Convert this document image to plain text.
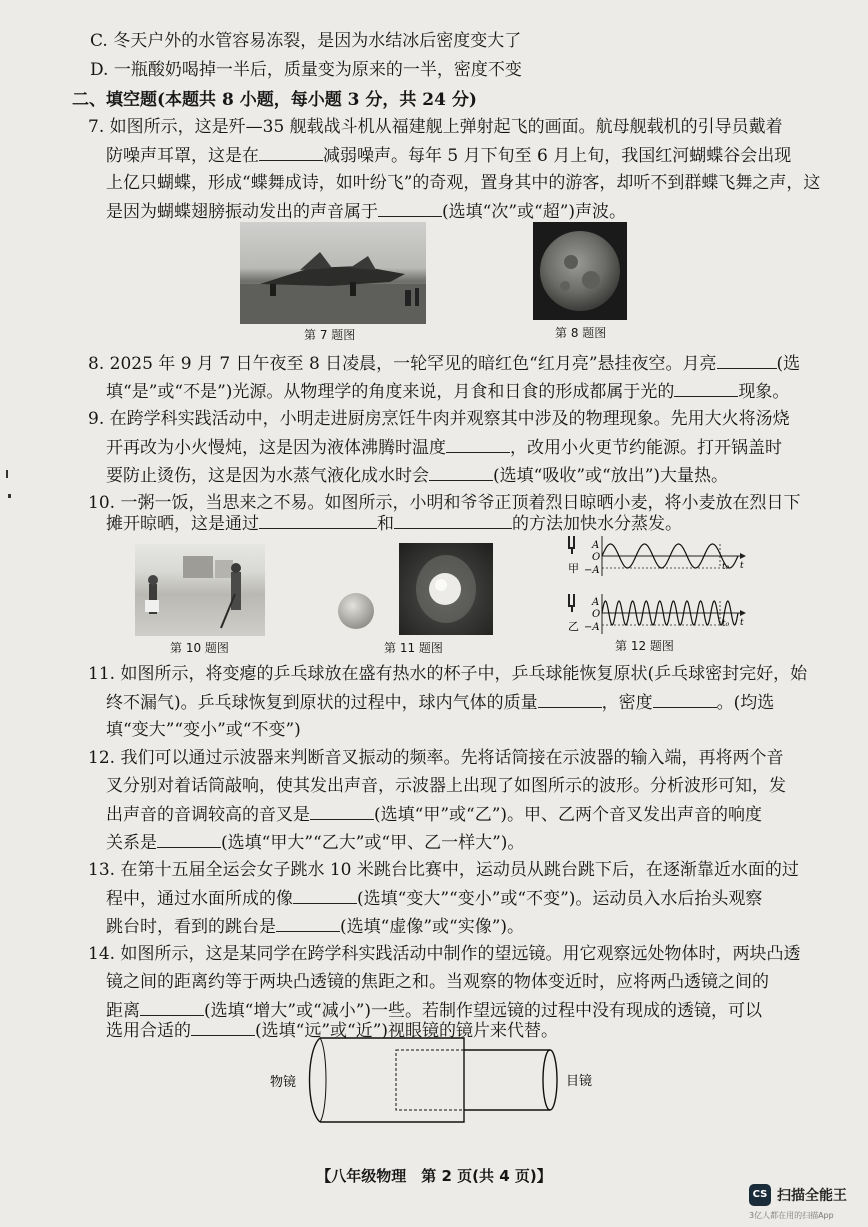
C. 冬天户外的水管容易冻裂，是因为水结冰后密度变大了
D. 一瓶酸奶喝掉一半后，质量变为原来的一半，密度不变
二、填空题(本题共 8 小题，每小题 3 分，共 24 分)
7. 如图所示，这是歼—35 舰载战斗机从福建舰上弹射起飞的画面。航母舰载机的引导员戴着
防噪声耳罩，这是在	减弱噪声。每年 5 月下旬至 6 月上旬，我国红河蝴蝶谷会出现
上亿只蝴蝶，形成“蝶舞成诗，如叶纷飞”的奇观，置身其中的游客，却听不到群蝶飞舞之声，这
是因为蝴蝶翅膀振动发出的声音属于	(选填“次”或“超”)声波。
第 7 题图	第 8 题图
8. 2025 年 9 月 7 日午夜至 8 日凌晨，一轮罕见的暗红色“红月亮”悬挂夜空。月亮	(选
填“是”或“不是”)光源。从物理学的角度来说，月食和日食的形成都属于光的	现象。
9. 在跨学科实践活动中，小明走进厨房烹饪牛肉并观察其中涉及的物理现象。先用大火将汤烧
开再改为小火慢炖，这是因为液体沸腾时温度	，改用小火更节约能源。打开锅盖时
要防止烫伤，这是因为水蒸气液化成水时会	(选填“吸收”或“放出”)大量热。
10. 一粥一饭，当思来之不易。如图所示，小明和爷爷正顶着烈日晾晒小麦，将小麦放在烈日下
摊开晾晒，这是通过	和	的方法加快水分蒸发。
第 10 题图	第 11 题图
甲
A
O
−A	t
t₀
乙
A
O
−A	t
t₀
第 12 题图
11. 如图所示，将变瘪的乒乓球放在盛有热水的杯子中，乒乓球能恢复原状(乒乓球密封完好，始
终不漏气)。乒乓球恢复到原状的过程中，球内气体的质量	，密度	。(均选
填“变大”“变小”或“不变”)
12. 我们可以通过示波器来判断音叉振动的频率。先将话筒接在示波器的输入端，再将两个音
叉分别对着话筒敲响，使其发出声音，示波器上出现了如图所示的波形。分析波形可知，发
出声音的音调较高的音叉是	(选填“甲”或“乙”)。甲、乙两个音叉发出声音的响度
关系是	(选填“甲大”“乙大”或“甲、乙一样大”)。
13. 在第十五届全运会女子跳水 10 米跳台比赛中，运动员从跳台跳下后，在逐渐靠近水面的过
程中，通过水面所成的像	(选填“变大”“变小”或“不变”)。运动员入水后抬头观察
跳台时，看到的跳台是	(选填“虚像”或“实像”)。
14. 如图所示，这是某同学在跨学科实践活动中制作的望远镜。用它观察远处物体时，两块凸透
镜之间的距离约等于两块凸透镜的焦距之和。当观察的物体变近时，应将两凸透镜之间的
距离	(选填“增大”或“减小”)一些。若制作望远镜的过程中没有现成的透镜，可以
选用合适的	(选填“远”或“近”)视眼镜的镜片来代替。
物镜	目镜
【八年级物理　第 2 页(共 4 页)】
CS 扫描全能王
3亿人都在用的扫描App
